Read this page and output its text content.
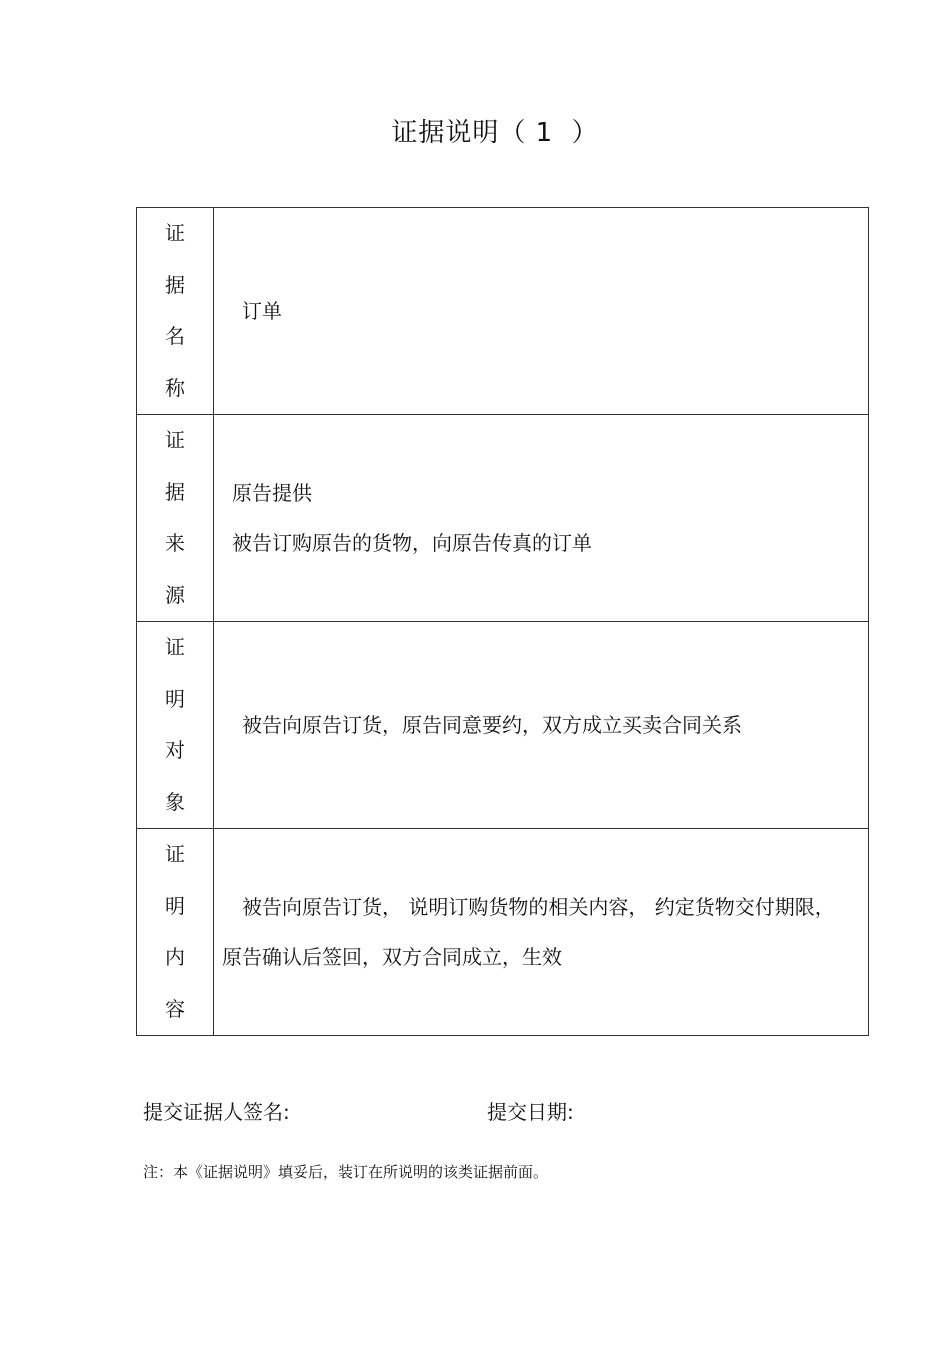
证据说明（ 1  ）
证
据
名
称	订单

证
据
来
源	原告提供
被告订购原告的货物，向原告传真的订单

证
明
对
象	被告向原告订货，原告同意要约，双方成立买卖合同关系

证
明
内
容	被告向原告订货， 说明订购货物的相关内容， 约定货物交付期限，
原告确认后签回，双方合同成立，生效
提交证据人签名:	提交日期:
注：本《证据说明》填妥后，装订在所说明的该类证据前面。
